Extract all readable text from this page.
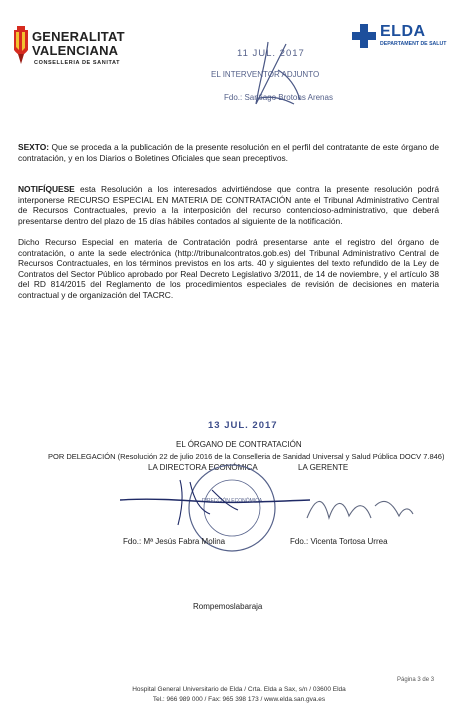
GENERALITAT
VALENCIANA
CONSELLERIA DE SANITAT
ELDA
DEPARTAMENT DE SALUT
11 JUL. 2017
EL INTERVENTOR ADJUNTO
Fdo.: Santiago Brotons Arenas

SEXTO: Que se proceda a la publicación de la presente resolución en el perfil del contratante de este órgano de contratación, y en los Diarios o Boletines Oficiales que sean preceptivos.

NOTIFÍQUESE esta Resolución a los interesados advirtiéndose que contra la presente resolución podrá interponerse RECURSO ESPECIAL EN MATERIA DE CONTRATACIÓN ante el Tribunal Administrativo Central de Recursos Contractuales, previo a la interposición del recurso contencioso-administrativo, que deberá presentarse dentro del plazo de 15 días hábiles contados al siguiente de la notificación.

Dicho Recurso Especial en materia de Contratación podrá presentarse ante el registro del órgano de contratación, o ante la sede electrónica (http://tribunalcontratos.gob.es) del Tribunal Administrativo Central de Recursos Contractuales, en los términos previstos en los arts. 40 y siguientes del texto refundido de la Ley de Contratos del Sector Público aprobado por Real Decreto Legislativo 3/2011, de 14 de noviembre, y el artículo 38 del RD 814/2015 del Reglamento de los procedimientos especiales de revisión de decisiones en materia contractual y de organización del TACRC.

13 JUL. 2017
EL ÓRGANO DE CONTRATACIÓN
POR DELEGACIÓN (Resolución 22 de julio 2016 de la Conselleria de Sanidad Universal y Salud Pública DOCV 7.846)
LA DIRECTORA ECONÓMICA	LA GERENTE
DIRECCIÓN ECONÓMICA
Fdo.: Mª Jesús Fabra Molina	Fdo.: Vicenta Tortosa Urrea
Rompemoslabaraja
Página 3 de 3
Hospital General Universitario de Elda / Crta. Elda a Sax, s/n / 03600 Elda
Tel.: 966 989 000 / Fax: 965 398 173 / www.elda.san.gva.es
